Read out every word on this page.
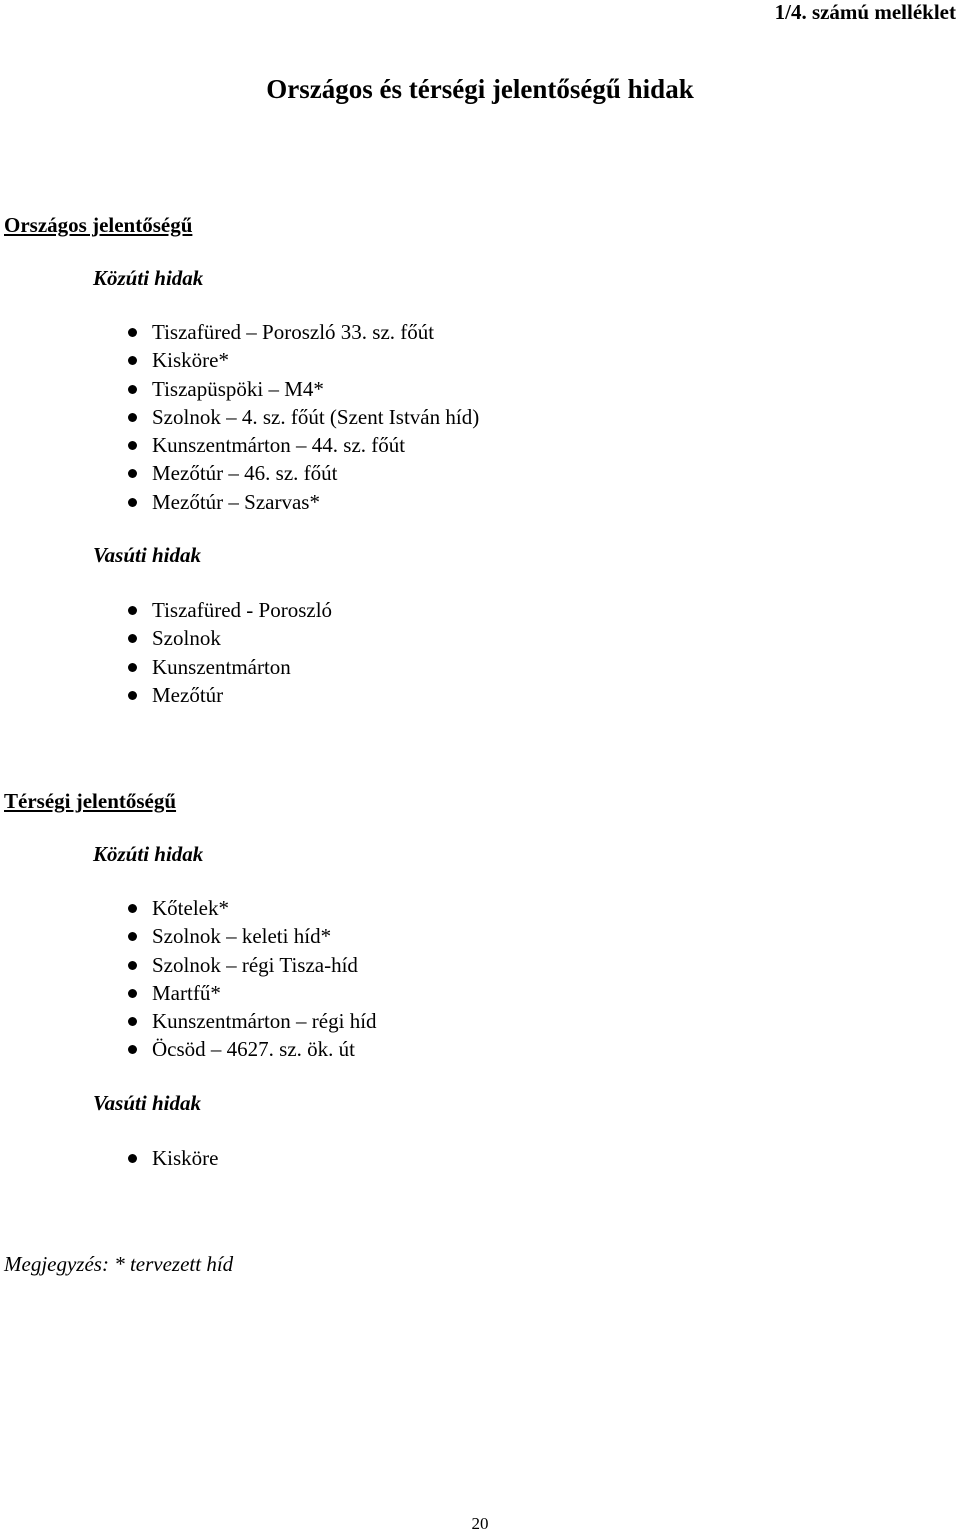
1/4. számú melléklet
Országos és térségi jelentőségű hidak
Országos jelentőségű
Közúti hidak
Tiszafüred – Poroszló 33. sz. főút
Kisköre*
Tiszapüspöki – M4*
Szolnok – 4. sz. főút (Szent István híd)
Kunszentmárton – 44. sz. főút
Mezőtúr – 46. sz. főút
Mezőtúr – Szarvas*
Vasúti hidak
Tiszafüred - Poroszló
Szolnok
Kunszentmárton
Mezőtúr
Térségi jelentőségű
Közúti hidak
Kőtelek*
Szolnok – keleti híd*
Szolnok – régi Tisza-híd
Martfű*
Kunszentmárton – régi híd
Öcsöd – 4627. sz. ök. út
Vasúti hidak
Kisköre
Megjegyzés: * tervezett híd
20
